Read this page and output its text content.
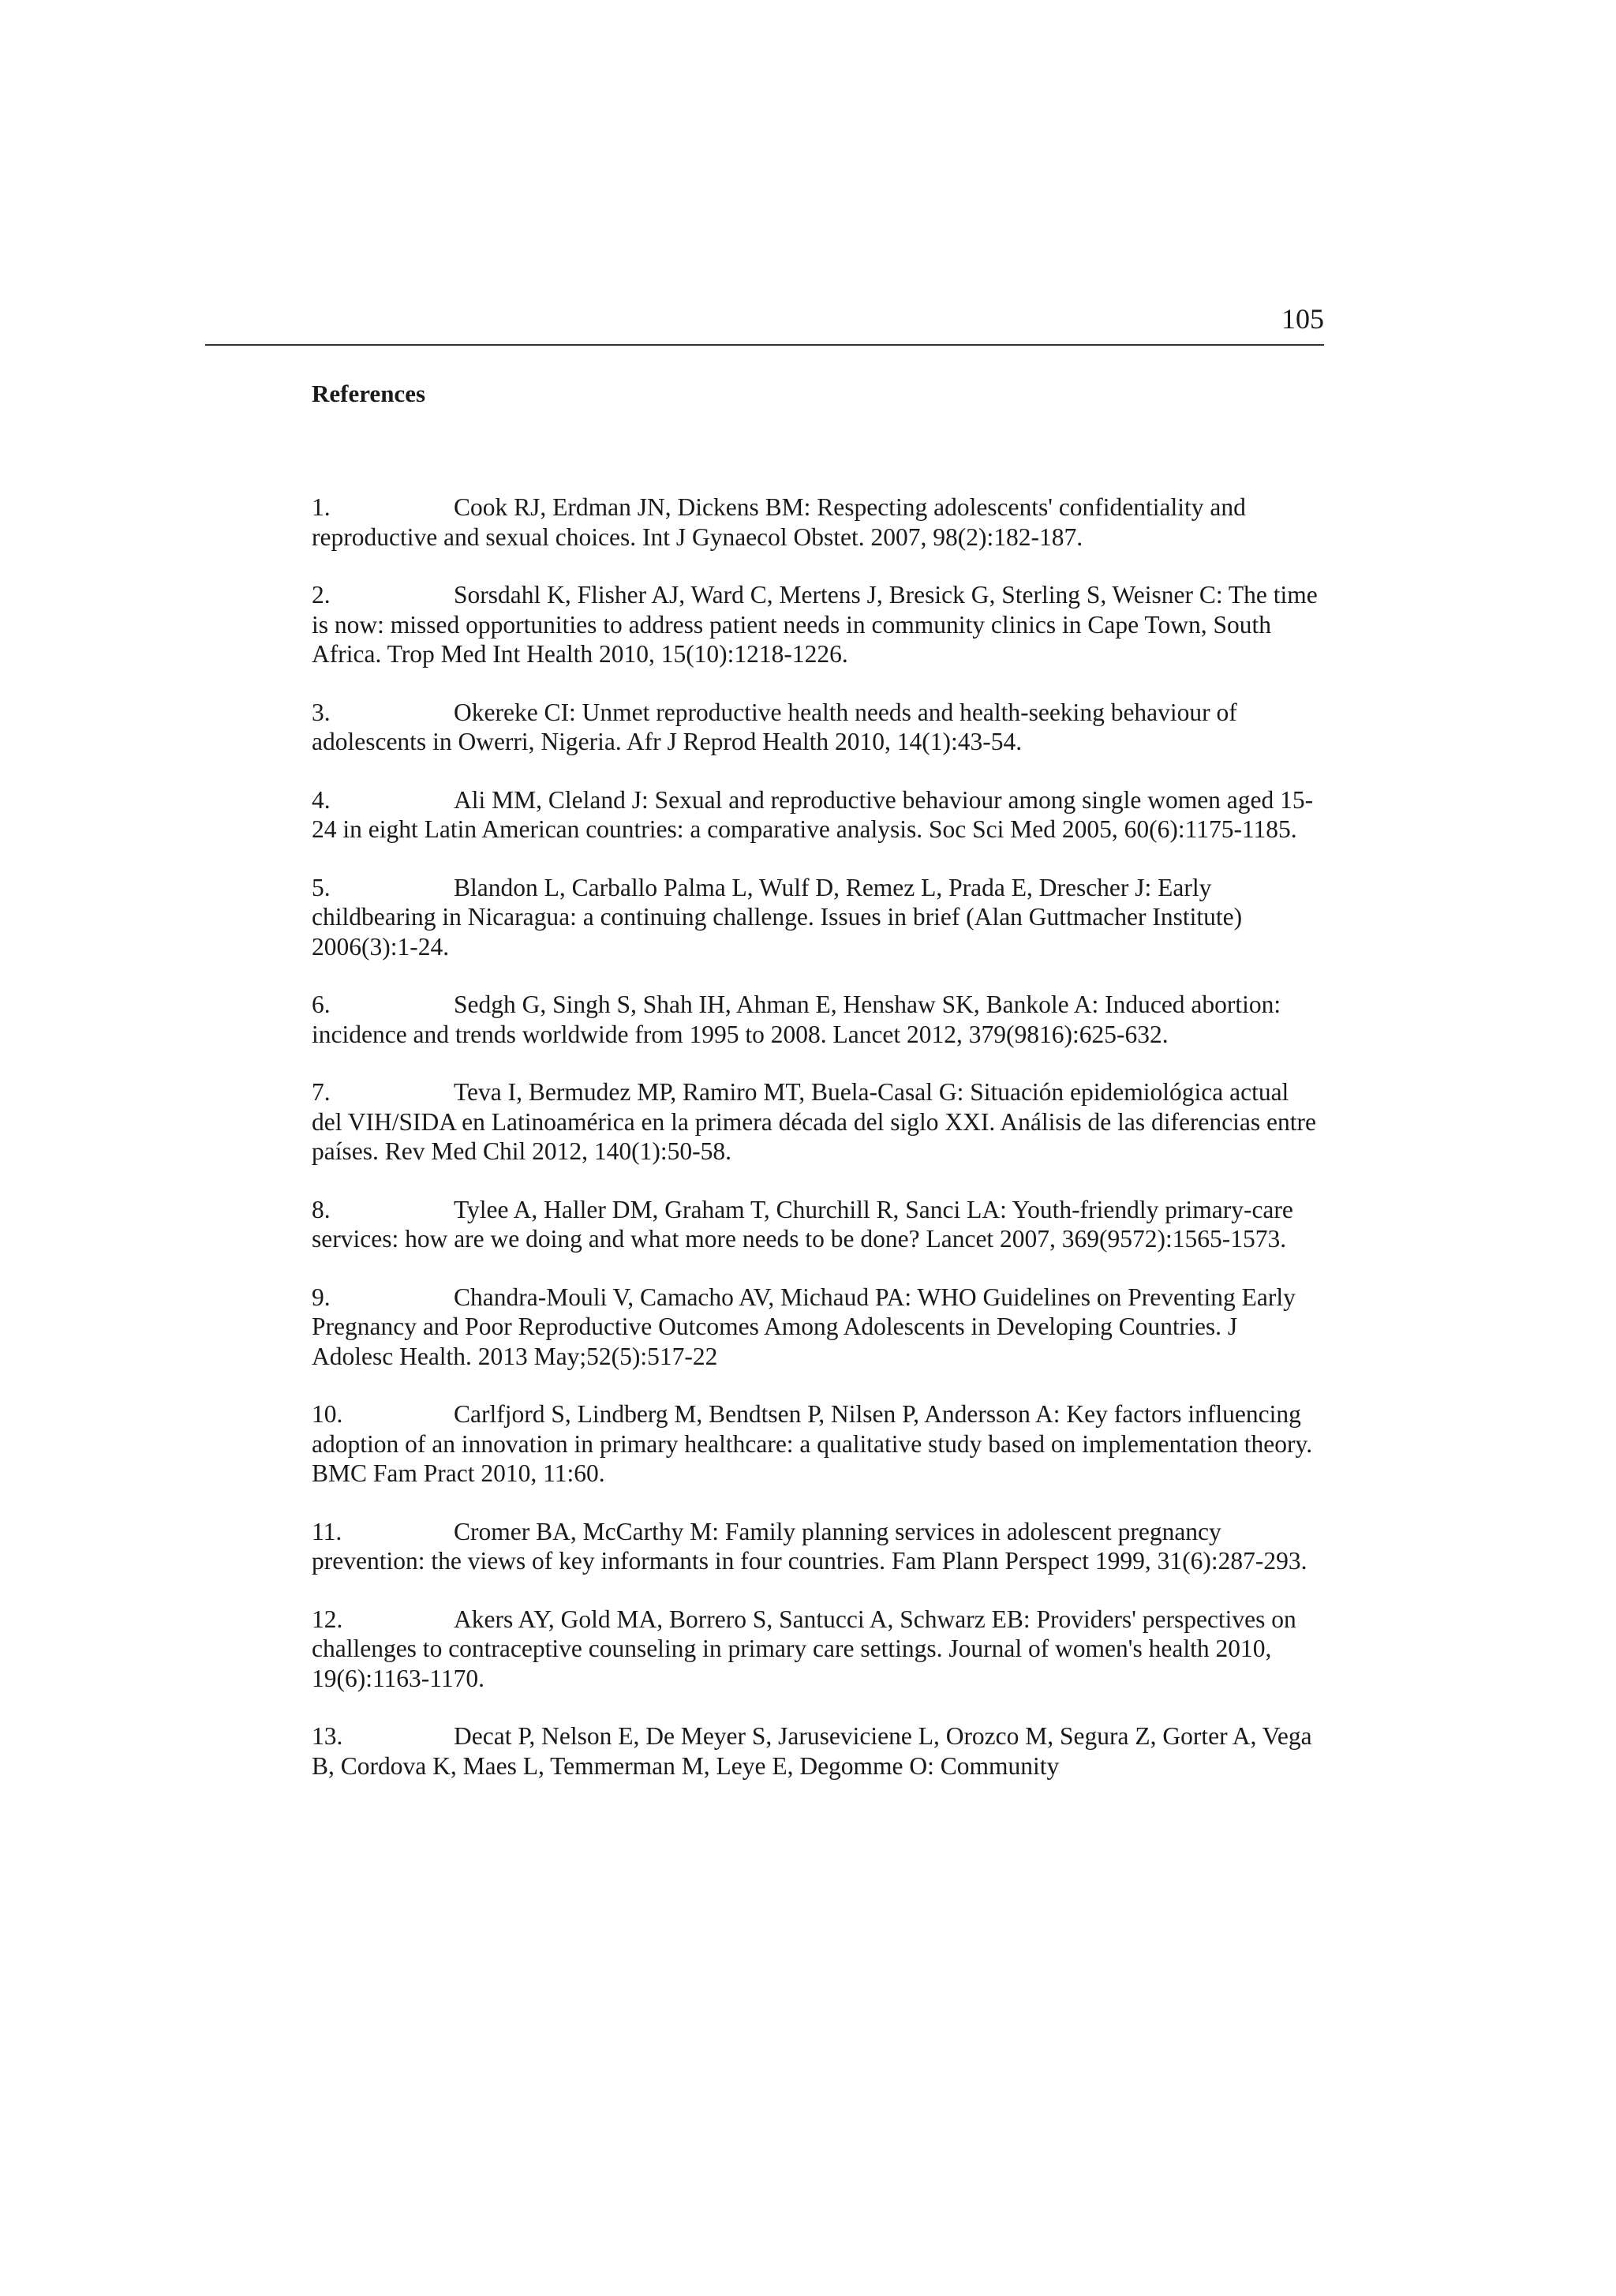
105
References
1.	Cook RJ, Erdman JN, Dickens BM: Respecting adolescents' confidentiality and reproductive and sexual choices. Int J Gynaecol Obstet. 2007, 98(2):182-187.
2.	Sorsdahl K, Flisher AJ, Ward C, Mertens J, Bresick G, Sterling S, Weisner C: The time is now: missed opportunities to address patient needs in community clinics in Cape Town, South Africa. Trop Med Int Health 2010, 15(10):1218-1226.
3.	Okereke CI: Unmet reproductive health needs and health-seeking behaviour of adolescents in Owerri, Nigeria. Afr J Reprod Health 2010, 14(1):43-54.
4.	Ali MM, Cleland J: Sexual and reproductive behaviour among single women aged 15-24 in eight Latin American countries: a comparative analysis. Soc Sci Med 2005, 60(6):1175-1185.
5.	Blandon L, Carballo Palma L, Wulf D, Remez L, Prada E, Drescher J: Early childbearing in Nicaragua: a continuing challenge. Issues in brief (Alan Guttmacher Institute) 2006(3):1-24.
6.	Sedgh G, Singh S, Shah IH, Ahman E, Henshaw SK, Bankole A: Induced abortion: incidence and trends worldwide from 1995 to 2008. Lancet 2012, 379(9816):625-632.
7.	Teva I, Bermudez MP, Ramiro MT, Buela-Casal G: Situación epidemiológica actual del VIH/SIDA en Latinoamérica en la primera década del siglo XXI. Análisis de las diferencias entre países. Rev Med Chil 2012, 140(1):50-58.
8.	Tylee A, Haller DM, Graham T, Churchill R, Sanci LA: Youth-friendly primary-care services: how are we doing and what more needs to be done? Lancet 2007, 369(9572):1565-1573.
9.	Chandra-Mouli V, Camacho AV, Michaud PA: WHO Guidelines on Preventing Early Pregnancy and Poor Reproductive Outcomes Among Adolescents in Developing Countries. J Adolesc Health. 2013 May;52(5):517-22
10.	Carlfjord S, Lindberg M, Bendtsen P, Nilsen P, Andersson A: Key factors influencing adoption of an innovation in primary healthcare: a qualitative study based on implementation theory. BMC Fam Pract 2010, 11:60.
11.	Cromer BA, McCarthy M: Family planning services in adolescent pregnancy prevention: the views of key informants in four countries. Fam Plann Perspect 1999, 31(6):287-293.
12.	Akers AY, Gold MA, Borrero S, Santucci A, Schwarz EB: Providers' perspectives on challenges to contraceptive counseling in primary care settings. Journal of women's health 2010, 19(6):1163-1170.
13.	Decat P, Nelson E, De Meyer S, Jaruseviciene L, Orozco M, Segura Z, Gorter A, Vega B, Cordova K, Maes L, Temmerman M, Leye E, Degomme O: Community
